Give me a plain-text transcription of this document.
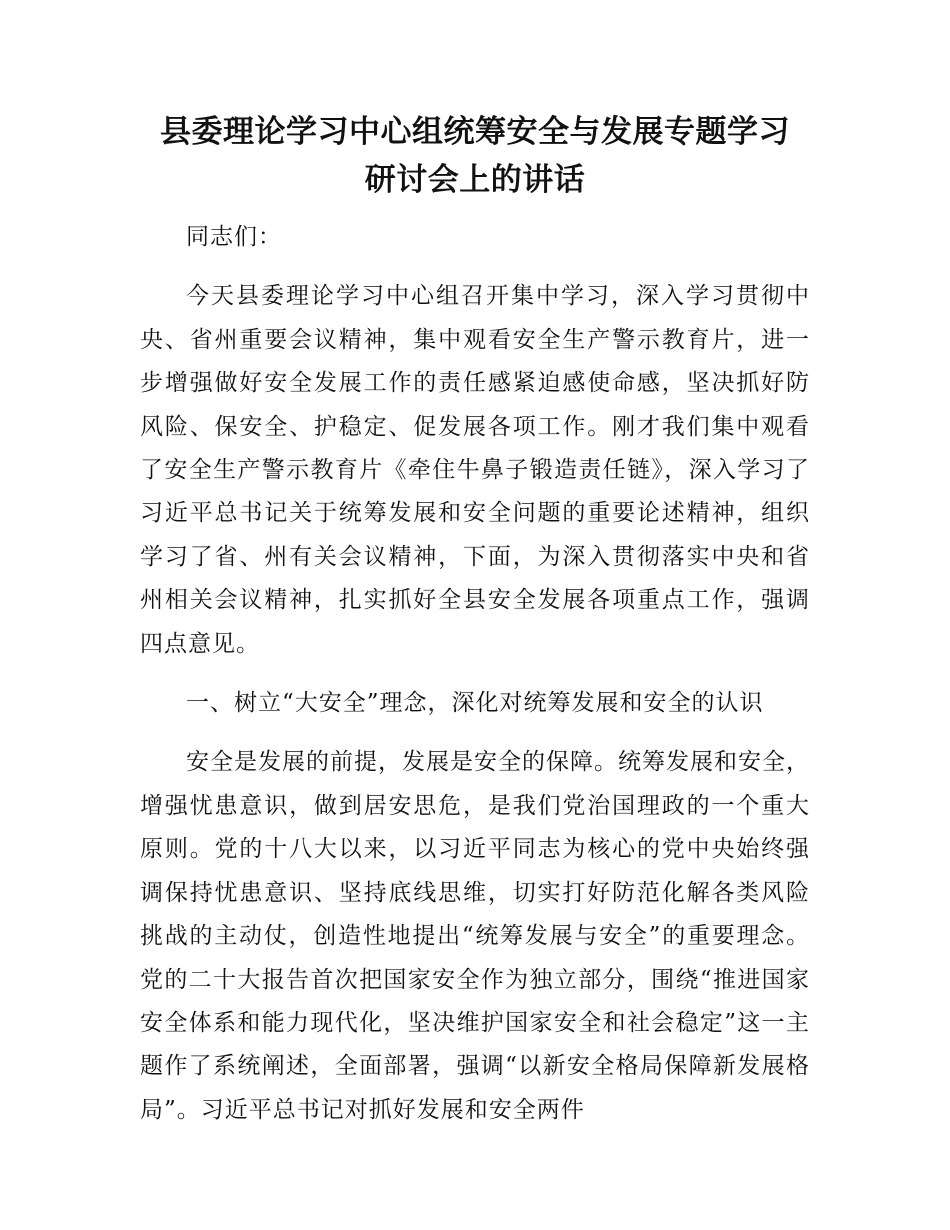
县委理论学习中心组统筹安全与发展专题学习
研讨会上的讲话

同志们：

今天县委理论学习中心组召开集中学习，深入学习贯彻中央、省州重要会议精神，集中观看安全生产警示教育片，进一步增强做好安全发展工作的责任感紧迫感使命感，坚决抓好防风险、保安全、护稳定、促发展各项工作。刚才我们集中观看了安全生产警示教育片《牵住牛鼻子锻造责任链》，深入学习了习近平总书记关于统筹发展和安全问题的重要论述精神，组织学习了省、州有关会议精神，下面，为深入贯彻落实中央和省州相关会议精神，扎实抓好全县安全发展各项重点工作，强调四点意见。

一、树立“大安全”理念，深化对统筹发展和安全的认识

安全是发展的前提，发展是安全的保障。统筹发展和安全，增强忧患意识，做到居安思危，是我们党治国理政的一个重大原则。党的十八大以来，以习近平同志为核心的党中央始终强调保持忧患意识、坚持底线思维，切实打好防范化解各类风险挑战的主动仗，创造性地提出“统筹发展与安全”的重要理念。党的二十大报告首次把国家安全作为独立部分，围绕“推进国家安全体系和能力现代化，坚决维护国家安全和社会稳定”这一主题作了系统阐述，全面部署，强调“以新安全格局保障新发展格局”。习近平总书记对抓好发展和安全两件
